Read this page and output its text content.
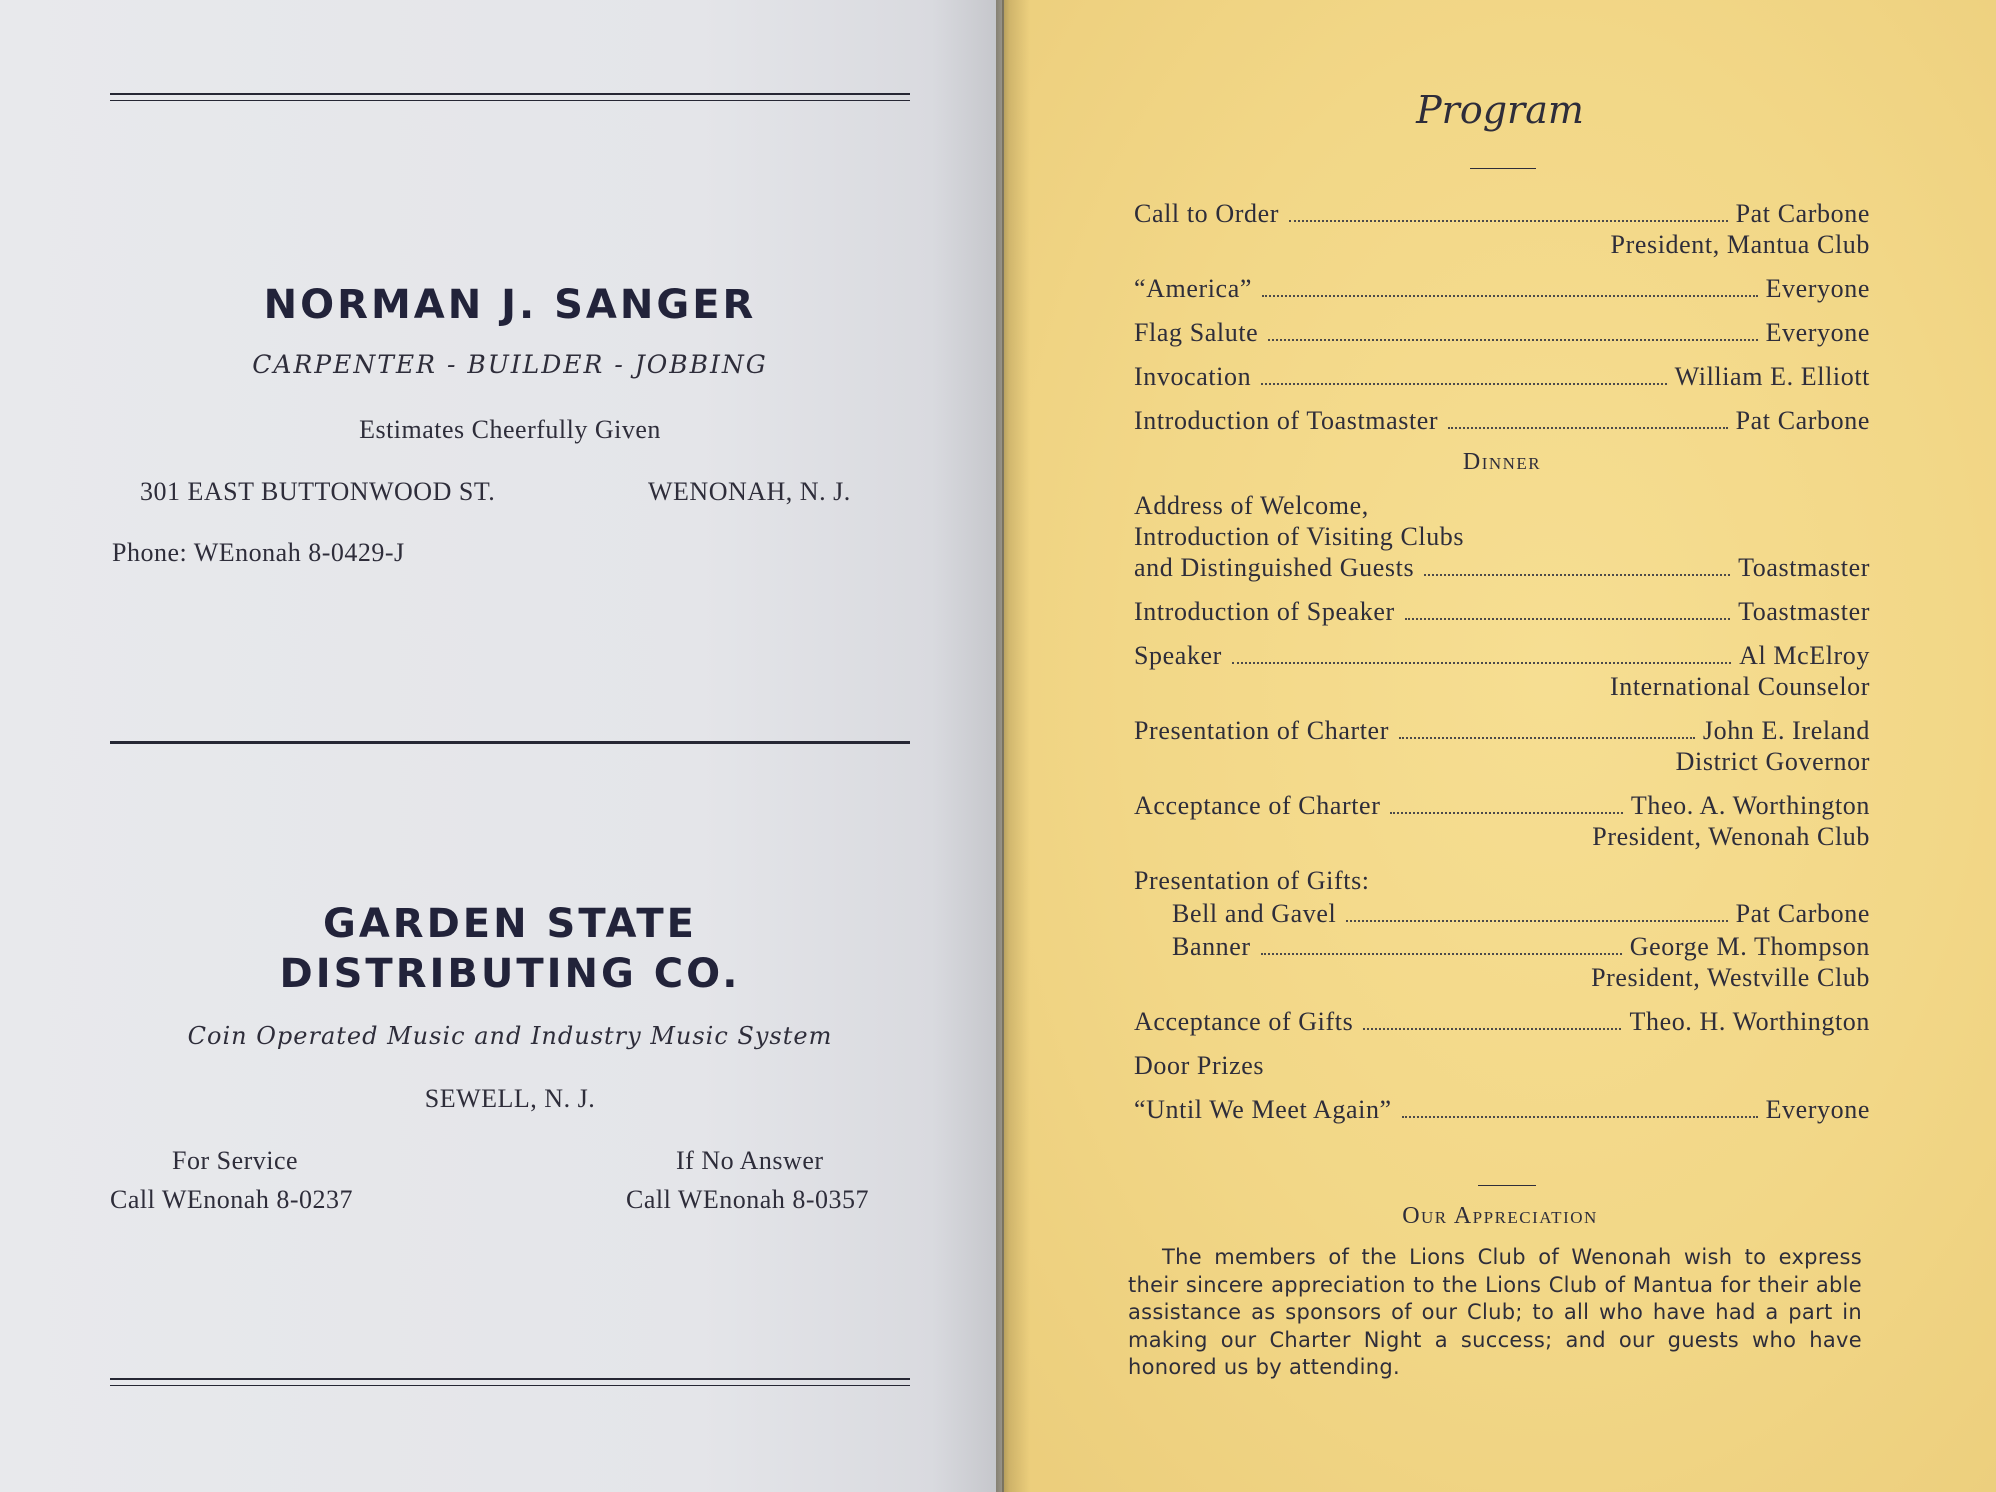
NORMAN J. SANGER
CARPENTER - BUILDER - JOBBING
Estimates Cheerfully Given
301 EAST BUTTONWOOD ST.	WENONAH, N. J.
Phone: WEnonah 8-0429-J
GARDEN STATE
DISTRIBUTING CO.
Coin Operated Music and Industry Music System
SEWELL, N. J.
For Service
Call WEnonah 8-0237
If No Answer
Call WEnonah 8-0357
Program
Call to Order	Pat Carbone
President, Mantua Club
“America”	Everyone
Flag Salute	Everyone
Invocation	William E. Elliott
Introduction of Toastmaster	Pat Carbone
Dinner
Address of Welcome,
Introduction of Visiting Clubs
and Distinguished Guests	Toastmaster
Introduction of Speaker	Toastmaster
Speaker	Al McElroy
International Counselor
Presentation of Charter	John E. Ireland
District Governor
Acceptance of Charter	Theo. A. Worthington
President, Wenonah Club
Presentation of Gifts:
Bell and Gavel	Pat Carbone
Banner	George M. Thompson
President, Westville Club
Acceptance of Gifts	Theo. H. Worthington
Door Prizes
“Until We Meet Again”	Everyone
Our Appreciation
The members of the Lions Club of Wenonah wish to express their sincere appreciation to the Lions Club of Mantua for their able assistance as sponsors of our Club; to all who have had a part in making our Charter Night a success; and our guests who have honored us by attending.
